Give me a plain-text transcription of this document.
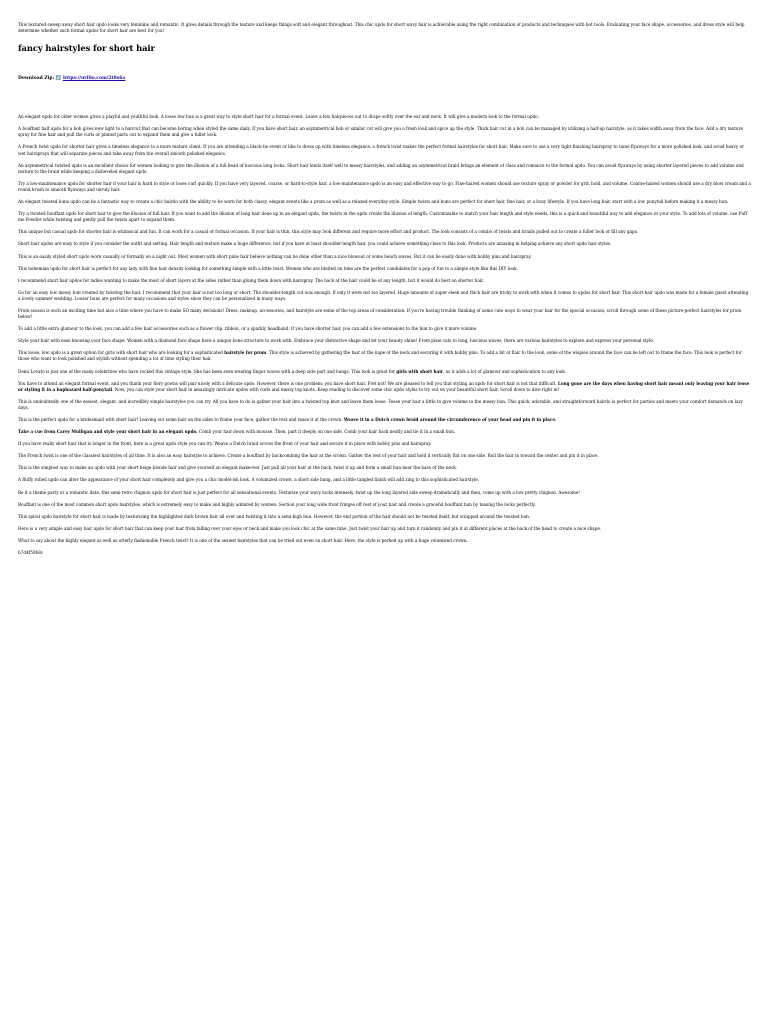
This textured sweep away short hair updo looks very feminine and romantic. It gives details through the texture and keeps things soft and elegant throughout. This chic updo for short wavy hair is achievable using the right combination of products and techniques with hot tools. Evaluating your face shape, accessories, and dress style will help determine whether such formal updos for short hair are best for you!

fancy hairstyles for short hair
Download Zip: ⬇️ https://urllio.com/2t8s6a

An elegant updo for older women gives a playful and youthful look. A loose low bun is a great way to style short hair for a formal event. Leave a few hairpieces out to drape softly over the ear and neck. It will give a modern look to the formal updo.

A bouffant half updo for a bob gives new light to a haircut that can become boring when styled the same daily. If you have short hair, an asymmetrical bob or similar cut will give you a fresh look and spice up the style. Thick hair cut in a bob can be managed by utilizing a half-up hairstyle, as it takes width away from the face. Add a dry texture spray for fine hair and pull the curls or pinned parts out to expand them and give a fuller look.

A French twist updo for shorter hair gives a timeless elegance to a more mature client. If you are attending a black-tie event or like to dress up with timeless elegance, a french twist makes the perfect formal hairstyles for short hair. Make sure to use a very tight finishing hairspray to tame flyaways for a more polished look, and avoid heavy or wet hairsprays that will separate pieces and take away from the overall smooth polished elegance.

An asymmetrical twisted updo is an excellent choice for women looking to give the illusion of a full head of luscious long locks. Short hair lends itself well to messy hairstyles, and adding an asymmetrical braid brings an element of class and romance to the formal updo. You can avoid flyaways by using shorter layered pieces to add volume and texture to the braid while keeping a disheveled elegant updo.

Try a low-maintenance updo for shorter hair if your hair is hard to style or loses curl quickly. If you have very layered, coarse, or hard-to-style hair, a low-maintenance updo is an easy and effective way to go. Fine-haired women should use texture spray or powder for grit, hold, and volume. Coarse-haired women should use a dry blow cream and a round brush to smooth flyaways and unruly hair.

An elegant twisted buns updo can be a fantastic way to create a chic hairdo with the ability to be worn for both classy, elegant events like a prom as well as a relaxed everyday style. Simple twists and buns are perfect for short hair, fine hair, or a busy lifestyle. If you have long hair, start with a low ponytail before making it a messy bun.

Try a twisted bouffant updo for short hair to give the illusion of full hair. If you want to add the illusion of long hair done up in an elegant updo, the twists in the updo create the illusion of length. Customizable to match your hair length and style needs, this is a quick and beautiful way to add elegance in your style. To add lots of volume, use Puff me Powder while twisting and gently pull the twists apart to expand them.

This unique but casual updo for shorter hair is whimsical and fun. It can work for a casual or formal occasion. If your hair is thin, this style may look different and require more effort and product. The look consists of a combo of twists and braids pulled out to create a fuller look or fill any gaps.

Short hair updos are easy to style if you consider the outfit and setting. Hair length and texture make a huge difference, but if you have at least shoulder-length hair, you could achieve something close to this look. Products are amazing in helping achieve any short updo hair styles.

This is an easily styled short updo worn casually or formally on a night out. Most women with short pixie hair believe nothing can be done other than a nice blowout or some beach waves. But it can be easily done with bobby pins and hairspray.

This bohemian updo for short hair is perfect for any lady with fine hair density looking for something simple with a little twist. Women who are limited on time are the perfect candidates for a pop of fun to a simple style like this DIY look.

I recommend short hair updos for ladies wanting to make the most of short layers at the sides rather than gluing them down with hairspray. The back of the hair could be of any length, but it would do best on shorter hair.

Go for an easy low messy bun created by twisting the hair. I recommend that your hair is not too long or short. The shoulder-length cut was enough. If only it were not too layered. Huge amounts of super sleek and thick hair are tricky to work with when it comes to updos for short hair. This short hair updo was made for a female guest attending a lovely summer wedding. Looser buns are perfect for many occasions and styles since they can be personalized in many ways.

Prom season is such an exciting time but also a time where you have to make SO many decisions! Dress, makeup, accessories, and hairstyle are some of the top areas of consideration. If you're having trouble thinking of some cute ways to wear your hair for the special occasion, scroll through some of these picture-perfect hairstyles for prom below!

To add a little extra glamour to the look, you can add a few hair accessories such as a flower clip, ribbon, or a sparkly headband. If you have shorter hair, you can add a few extensions to the bun to give it more volume.

Style your hair with ease knowing your face shape. Women with a diamond face shape have a unique bone structure to work with. Embrace your distinctive shape and let your beauty shine! From pixie cuts to long, luscious waves, there are various hairstyles to explore and express your personal style.

This loose, low updo is a great option for girls with short hair who are looking for a sophisticated hairstyle for prom. This style is achieved by gathering the hair at the nape of the neck and securing it with bobby pins. To add a bit of flair to the look, some of the wispies around the face can be left out to frame the face. This look is perfect for those who want to look polished and stylish without spending a lot of time styling their hair.

Demi Lovato is just one of the many celebrities who have rocked this vintage style. She has been seen wearing finger waves with a deep side part and bangs. This look is great for girls with short hair, as it adds a lot of glamour and sophistication to any look.

You have to attend an elegant formal event, and you thank your fiery gowns will pair nicely with a delicate updo. However, there is one problem: you have short hair. Fret not! We are pleased to tell you that styling an updo for short hair is not that difficult. Long gone are the days when having short hair meant only leaving your hair loose or styling it in a haphazard half-ponytail. Now, you can style your short hair in amazingly intricate updos with curls and messy top knots. Keep reading to discover some chic updo styles to try out on your beautiful short hair. Scroll down to dive right in!

This is undoubtedly one of the easiest, elegant, and incredibly simple hairstyles you can try. All you have to do is gather your hair into a twisted top knot and leave them loose. Tease your hair a little to give volume to the messy bun. This quick, adorable, and straightforward hairdo is perfect for parties and meets your comfort demands on lazy days.

This is the perfect updo for a bridesmaid with short hair! Leaving out some hair on the sides to frame your face, gather the rest and tease it at the crown. Weave it in a Dutch crown braid around the circumference of your head and pin it in place.

Take a cue from Carey Mulligan and style your short hair in an elegant updo. Comb your hair down with mousse. Then, part it deeply on one side. Comb your hair back neatly and tie it in a small bun.

If you have really short hair that is longer in the front, here is a great updo style you can try. Weave a Dutch braid across the front of your hair and secure it in place with bobby pins and hairspray.

The French twist is one of the classiest hairstyles of all time. It is also an easy hairstyle to achieve. Create a bouffant by backcombing the hair at the crown. Gather the rest of your hair and hold it vertically flat on one side. Roll the hair in toward the center and pin it in place.

This is the simplest way to make an updo with your short beige blonde hair and give yourself an elegant makeover. Just pull all your hair at the back, twist it up and form a small bun near the base of the neck.

A fluffy rolled updo can alter the appearance of your short hair completely and give you a chic model-ish look. A volumized crown, a short side bang, and a little tangled finish will add zing to this sophisticated hairstyle.

Be it a theme party or a romantic date, this semi-retro chignon updo for short hair is just perfect for all sensational events. Texturize your wavy locks intensely, twist up the long layered side sweep dramatically and then, come up with a low pretty chignon. Awesome!

Bouffant is one of the most common short updo hairstyles, which is extremely easy to make and highly admired by women. Section your long wide front fringes off rest of your hair and create a graceful bouffant bun by teasing the locks perfectly.

This spiral updo hairstyle for short hair is made by texturizing the highlighted dark brown hair all over and twisting it into a semi-high bun. However, the end portion of the hair should not be twisted itself, but wrapped around the twisted bun.

Here is a very simple and easy hair updo for short hair that can keep your hair from falling over your eyes or neck and make you look chic at the same time. Just twist your hair up and turn it randomly and pin it at different places at the back of the head to create a nice shape.

What to say about the highly elegant as well as utterly fashionable French twist? It is one of the sexiest hairstyles that can be tried out even on short hair. Here, the style is perked up with a huge volumized crown.

b7d4f59b8c
